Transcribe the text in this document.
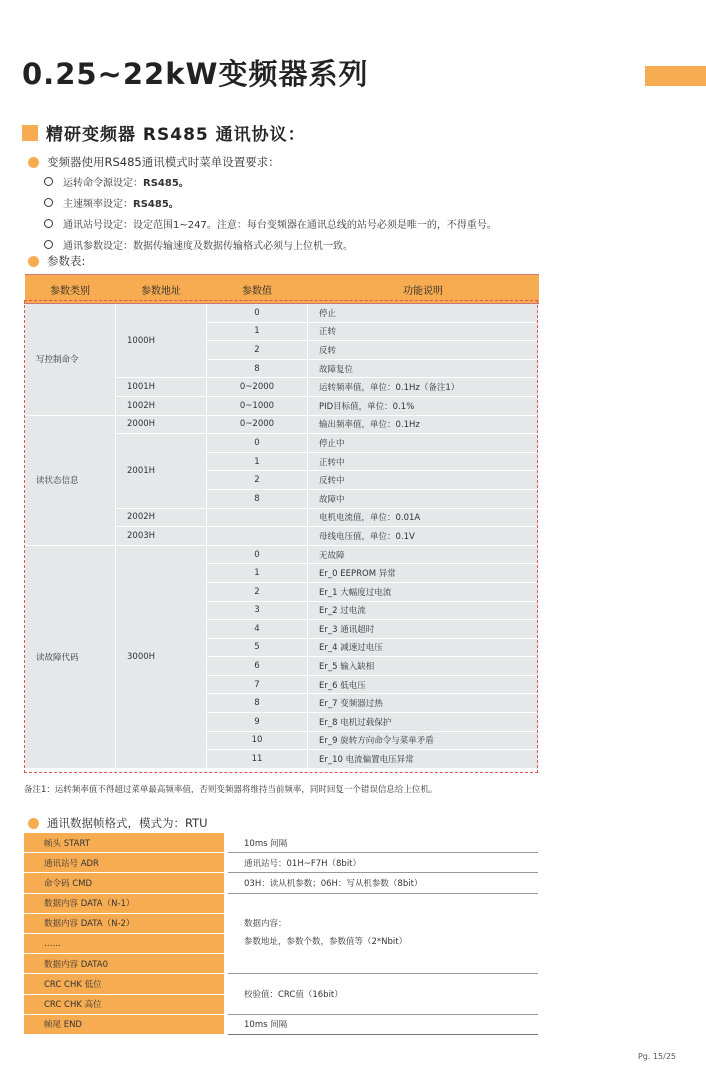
0.25~22kW变频器系列
精研变频器 RS485 通讯协议：
变频器使用RS485通讯模式时菜单设置要求：
运转命令源设定： RS485。
主速频率设定： RS485。
通讯站号设定： 设定范围1~247。注意：每台变频器在通讯总线的站号必须是唯一的，不得重号。
通讯参数设定： 数据传输速度及数据传输格式必须与上位机一致。
参数表:
参数类别	参数地址	参数值	功能说明
写控制命令	1000H	0	停止
		1	正转
		2	反转
		8	故障复位
	1001H	0~2000	运转频率值，单位：0.1Hz（备注1）
	1002H	0~1000	PID目标值，单位：0.1%
读状态信息	2000H	0~2000	输出频率值，单位：0.1Hz
	2001H	0	停止中
		1	正转中
		2	反转中
		8	故障中
	2002H		电机电流值，单位：0.01A
	2003H		母线电压值，单位：0.1V
读故障代码	3000H	0	无故障
		1	Er_0 EEPROM 异常
		2	Er_1 大幅度过电流
		3	Er_2 过电流
		4	Er_3 通讯超时
		5	Er_4 减速过电压
		6	Er_5 输入缺相
		7	Er_6 低电压
		8	Er_7 变频器过热
		9	Er_8 电机过载保护
		10	Er_9 旋转方向命令与菜单矛盾
		11	Er_10 电流偏置电压异常
备注1：运转频率值不得超过菜单最高频率值，否则变频器将维持当前频率，同时回复一个错误信息给上位机。
通讯数据帧格式，模式为：RTU
帧头 START		10ms 间隔
通讯站号 ADR		通讯站号：01H~F7H（8bit）
命令码 CMD		03H：读从机参数；06H：写从机参数（8bit）
数据内容 DATA（N-1）		数据内容：
参数地址，参数个数，参数值等（2*Nbit）

数据内容 DATA（N-2）		
……		
数据内容 DATA0		
CRC CHK 低位		校验值：CRC值（16bit）
CRC CHK 高位		
帧尾 END		10ms 间隔
Pg. 15/25
